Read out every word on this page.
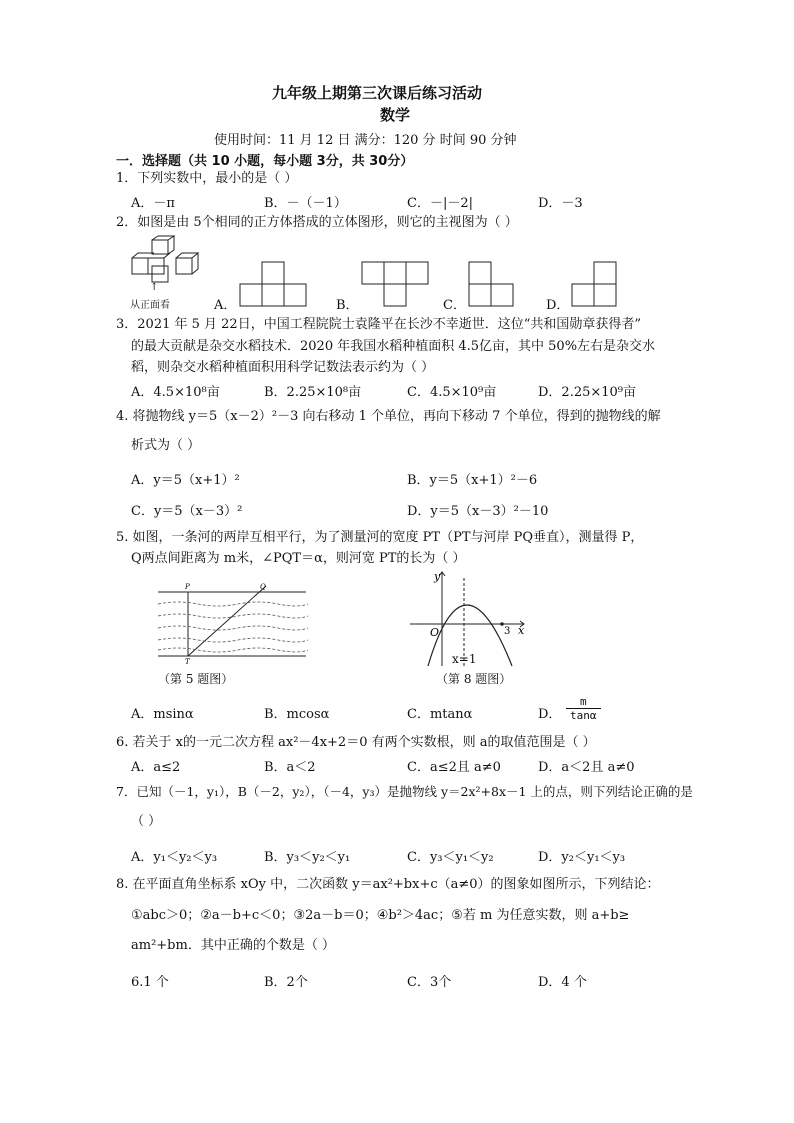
九年级上期第三次课后练习活动
数学
使用时间：11 月 12 日 满分：120 分 时间 90 分钟
一．选择题（共 10 小题，每小题 3分，共 30分）
1．下列实数中，最小的是（ ）
A．－π	B．－（－1）	C．－|－2|	D．－3
2．如图是由 5个相同的正方体搭成的立体图形，则它的主视图为（ ）
从正面看
↑
A．	B．	C．	D．
3．2021 年 5 月 22日，中国工程院院士袁隆平在长沙不幸逝世．这位“共和国勋章获得者”
的最大贡献是杂交水稻技术．2020 年我国水稻种植面积 4.5亿亩，其中 50%左右是杂交水
稻，则杂交水稻种植面积用科学记数法表示约为（ ）
A．4.5×10⁸亩	B．2.25×10⁸亩	C．4.5×10⁹亩	D．2.25×10⁹亩
4. 将抛物线 y＝5（x－2）²－3 向右移动 1 个单位，再向下移动 7 个单位，得到的抛物线的解
析式为（ ）
A．y＝5（x+1）²	B．y＝5（x+1）²－6
C．y＝5（x－3）²	D．y＝5（x－3）²－10
5. 如图，一条河的两岸互相平行，为了测量河的宽度 PT（PT与河岸 PQ垂直），测量得 P，
Q两点间距离为 m米，∠PQT＝α，则河宽 PT的长为（ ）
P	Q
T
（第 5 题图）
y
x
O	3
x=1
（第 8 题图）
A．msinα	B．mcosα	C．mtanα	D． $\frac{m}{\tan\alpha}$
6. 若关于 x的一元二次方程 ax²－4x+2＝0 有两个实数根，则 a的取值范围是（ ）
A．a≤2	B．a＜2	C．a≤2且 a≠0	D．a＜2且 a≠0
7．已知（－1，y₁），B（－2，y₂），（－4，y₃）是抛物线 y＝2x²+8x－1 上的点，则下列结论正确的是
（ ）
A．y₁＜y₂＜y₃	B．y₃＜y₂＜y₁	C．y₃＜y₁＜y₂	D．y₂＜y₁＜y₃
8. 在平面直角坐标系 xOy 中，二次函数 y＝ax²+bx+c（a≠0）的图象如图所示，下列结论：
①abc＞0；②a－b+c＜0；③2a－b＝0；④b²＞4ac；⑤若 m 为任意实数，则 a+b≥
am²+bm．其中正确的个数是（ ）
6.1 个	B．2个	C．3个	D．4 个
